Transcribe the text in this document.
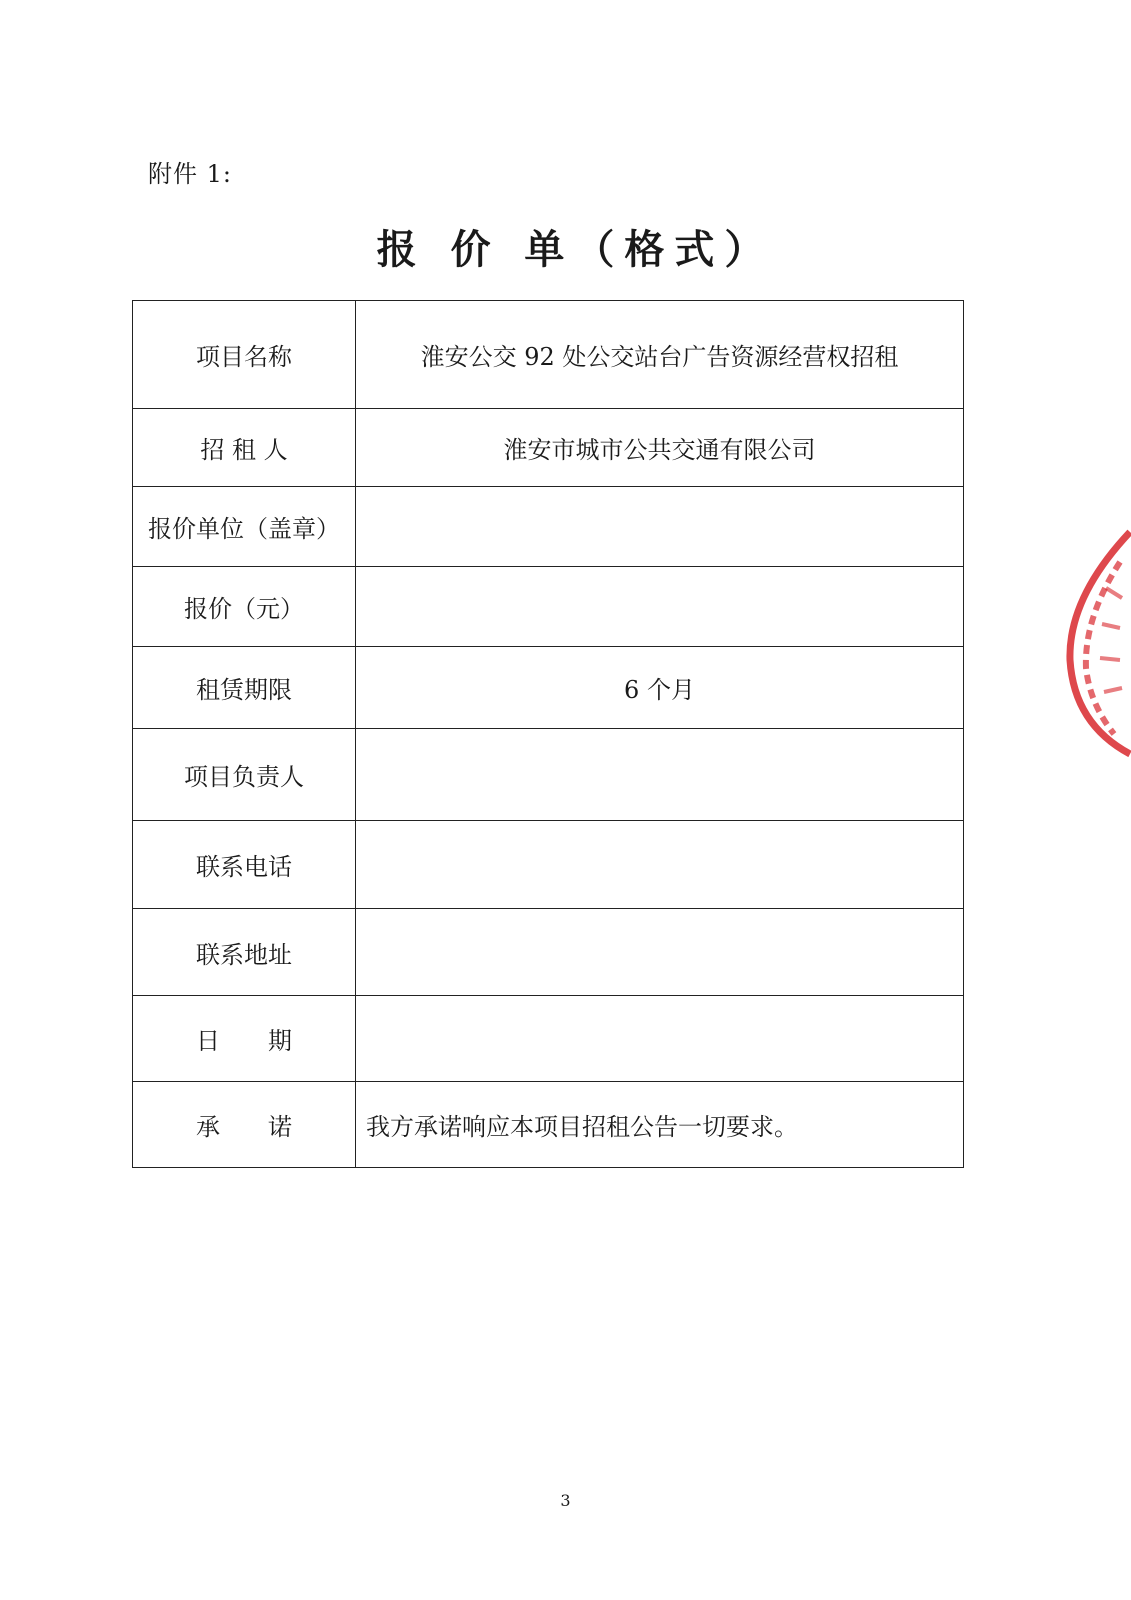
附件 1:
报 价 单（格式）
项目名称	淮安公交 92 处公交站台广告资源经营权招租
招 租 人	淮安市城市公共交通有限公司
报价单位（盖章）	
报价（元）	
租赁期限	6 个月
项目负责人	
联系电话	
联系地址	
日　　期	
承　　诺	我方承诺响应本项目招租公告一切要求。
3
